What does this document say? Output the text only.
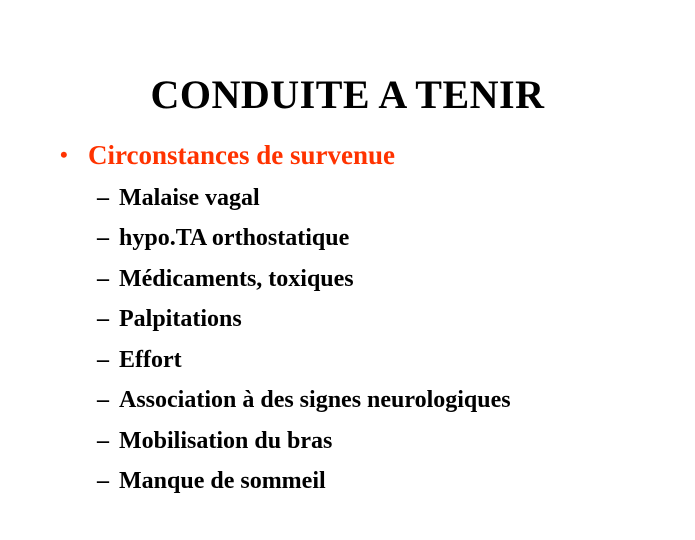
CONDUITE A TENIR
• Circonstances de survenue
– Malaise vagal
– hypo.TA orthostatique
– Médicaments, toxiques
– Palpitations
– Effort
– Association à des signes neurologiques
– Mobilisation du bras
– Manque de sommeil
